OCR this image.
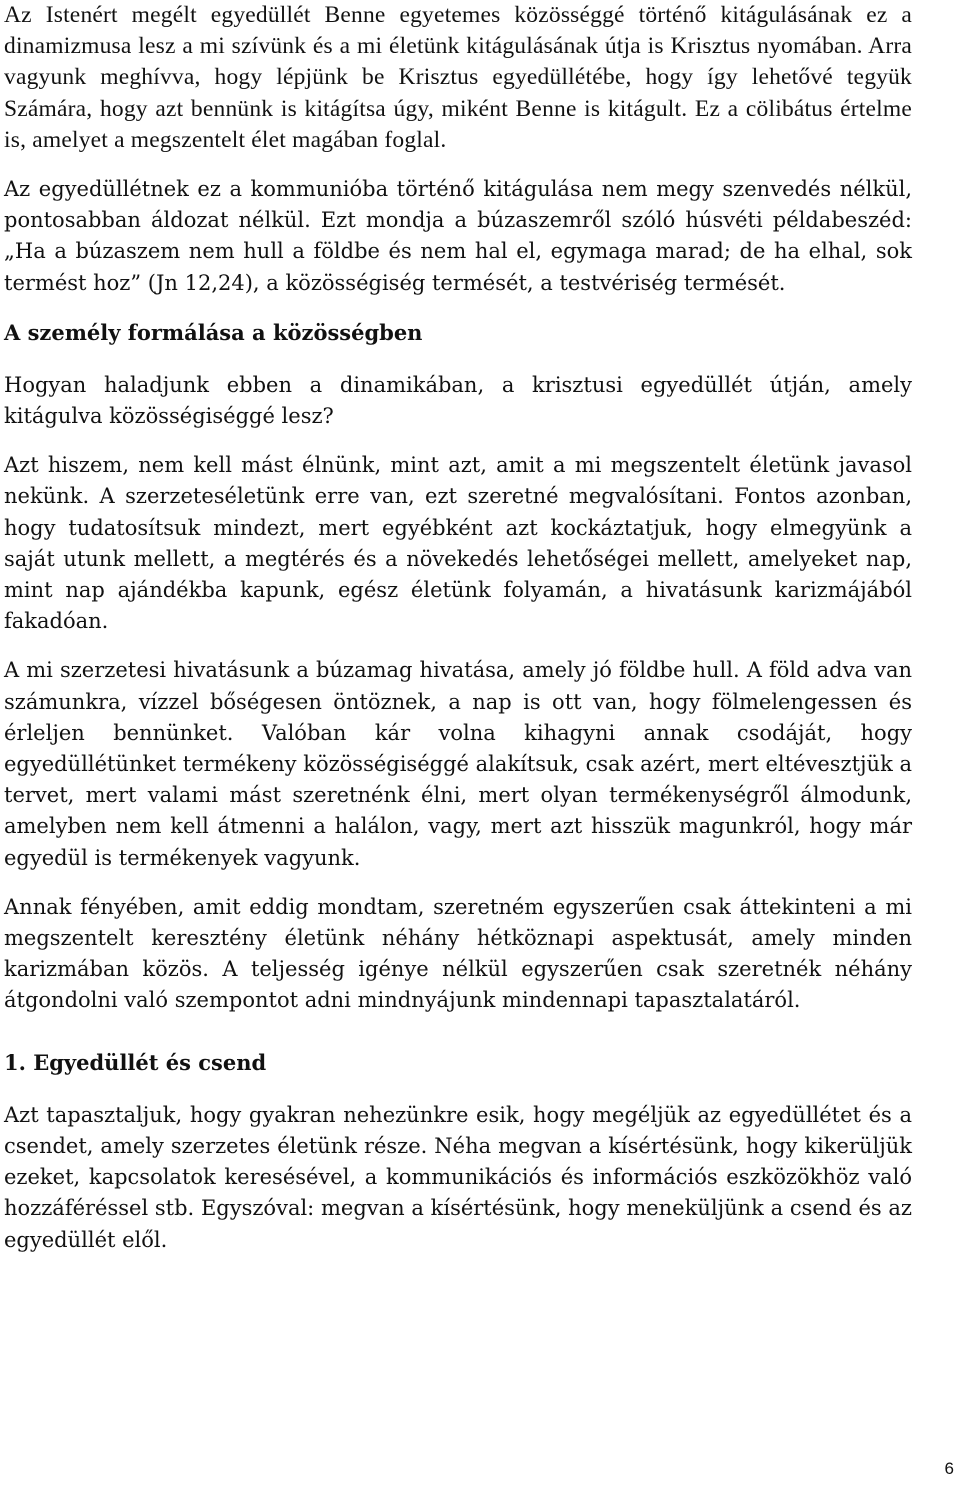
Az Istenért megélt egyedüllét Benne egyetemes közösséggé történő kitágulásának ez a dinamizmusa lesz a mi szívünk és a mi életünk kitágulásának útja is Krisztus nyomában. Arra vagyunk meghívva, hogy lépjünk be Krisztus egyedüllétébe, hogy így lehetővé tegyük Számára, hogy azt bennünk is kitágítsa úgy, miként Benne is kitágult. Ez a cölibátus értelme is, amelyet a megszentelt élet magában foglal.

Az egyedüllétnek ez a kommunióba történő kitágulása nem megy szenvedés nélkül, pontosabban áldozat nélkül. Ezt mondja a búzaszemről szóló húsvéti példabeszéd: „Ha a búzaszem nem hull a földbe és nem hal el, egymaga marad; de ha elhal, sok termést hoz” (Jn 12,24), a közösségiség termését, a testvériség termését.

A személy formálása a közösségben

Hogyan haladjunk ebben a dinamikában, a krisztusi egyedüllét útján, amely kitágulva közösségiséggé lesz?

Azt hiszem, nem kell mást élnünk, mint azt, amit a mi megszentelt életünk javasol nekünk. A szerzeteséletünk erre van, ezt szeretné megvalósítani. Fontos azonban, hogy tudatosítsuk mindezt, mert egyébként azt kockáztatjuk, hogy elmegyünk a saját utunk mellett, a megtérés és a növekedés lehetőségei mellett, amelyeket nap, mint nap ajándékba kapunk, egész életünk folyamán, a hivatásunk karizmájából fakadóan.

A mi szerzetesi hivatásunk a búzamag hivatása, amely jó földbe hull. A föld adva van számunkra, vízzel bőségesen öntöznek, a nap is ott van, hogy fölmelengessen és érleljen bennünket. Valóban kár volna kihagyni annak csodáját, hogy egyedüllétünket termékeny közösségiséggé alakítsuk, csak azért, mert eltévesztjük a tervet, mert valami mást szeretnénk élni, mert olyan termékenységről álmodunk, amelyben nem kell átmenni a halálon, vagy, mert azt hisszük magunkról, hogy már egyedül is termékenyek vagyunk.

Annak fényében, amit eddig mondtam, szeretném egyszerűen csak áttekinteni a mi megszentelt keresztény életünk néhány hétköznapi aspektusát, amely minden karizmában közös. A teljesség igénye nélkül egyszerűen csak szeretnék néhány átgondolni való szempontot adni mindnyájunk mindennapi tapasztalatáról.

1. Egyedüllét és csend

Azt tapasztaljuk, hogy gyakran nehezünkre esik, hogy megéljük az egyedüllétet és a csendet, amely szerzetes életünk része. Néha megvan a kísértésünk, hogy kikerüljük ezeket, kapcsolatok keresésével, a kommunikációs és információs eszközökhöz való hozzáféréssel stb. Egyszóval: megvan a kísértésünk, hogy meneküljünk a csend és az egyedüllét elől.

6
